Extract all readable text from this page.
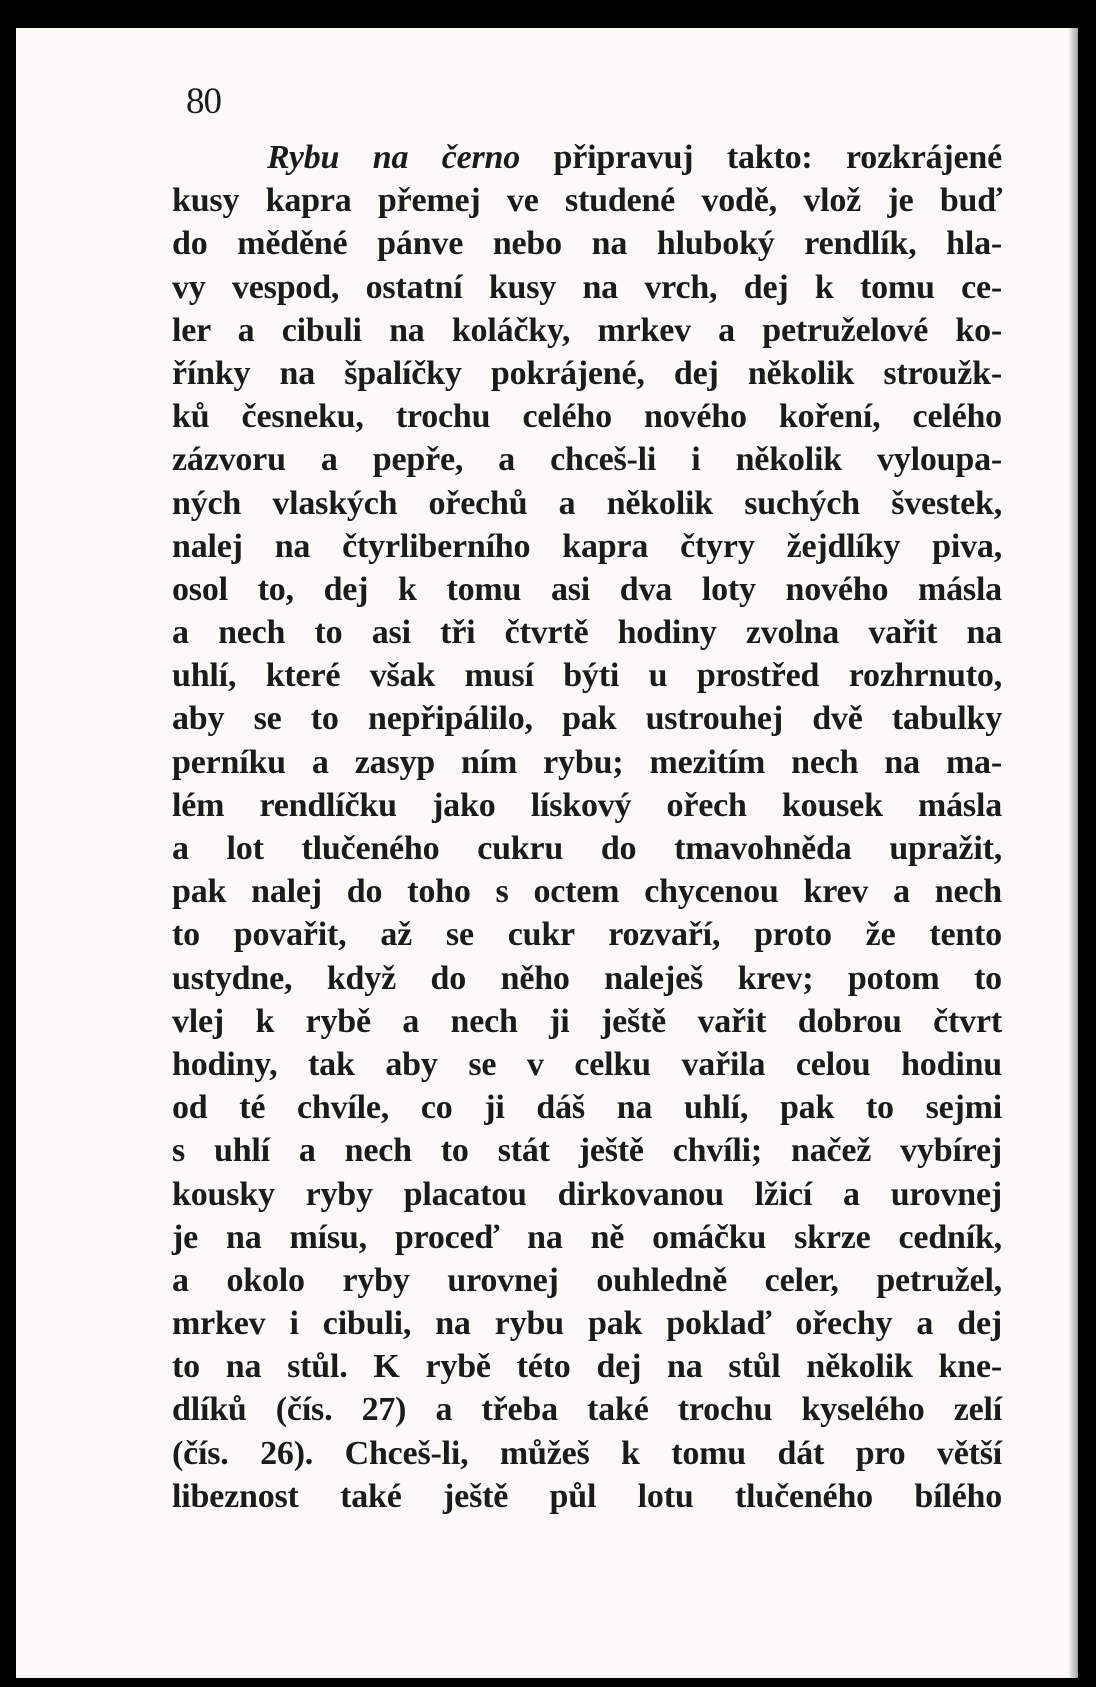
80
Rybu na černo připravuj takto: rozkrájené
kusy kapra přemej ve studené vodě, vlož je buď
do měděné pánve nebo na hluboký rendlík, hla-
vy vespod, ostatní kusy na vrch, dej k tomu ce-
ler a cibuli na koláčky, mrkev a petruželové ko-
řínky na špalíčky pokrájené, dej několik stroužk-
ků česneku, trochu celého nového koření, celého
zázvoru a pepře, a chceš-li i několik vyloupa-
ných vlaských ořechů a několik suchých švestek,
nalej na čtyrliberního kapra čtyry žejdlíky piva,
osol to, dej k tomu asi dva loty nového másla
a nech to asi tři čtvrtě hodiny zvolna vařit na
uhlí, které však musí býti u prostřed rozhrnuto,
aby se to nepřipálilo, pak ustrouhej dvě tabulky
perníku a zasyp ním rybu; mezitím nech na ma-
lém rendlíčku jako lískový ořech kousek másla
a lot tlučeného cukru do tmavohněda upražit,
pak nalej do toho s octem chycenou krev a nech
to povařit, až se cukr rozvaří, proto že tento
ustydne, když do něho naleješ krev; potom to
vlej k rybě a nech ji ještě vařit dobrou čtvrt
hodiny, tak aby se v celku vařila celou hodinu
od té chvíle, co ji dáš na uhlí, pak to sejmi
s uhlí a nech to stát ještě chvíli; načež vybírej
kousky ryby placatou dirkovanou lžicí a urovnej
je na mísu, proceď na ně omáčku skrze cedník,
a okolo ryby urovnej ouhledně celer, petružel,
mrkev i cibuli, na rybu pak poklaď ořechy a dej
to na stůl. K rybě této dej na stůl několik kne-
dlíků (čís. 27) a třeba také trochu kyselého zelí
(čís. 26). Chceš-li, můžeš k tomu dát pro větší
libeznost také ještě půl lotu tlučeného bílého
